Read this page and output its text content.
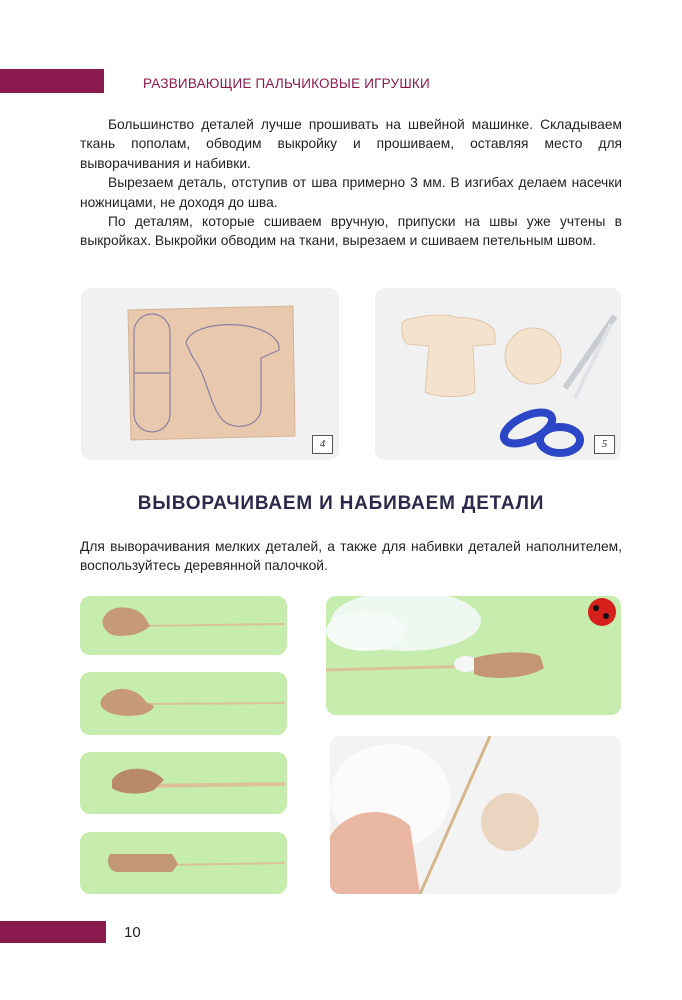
РАЗВИВАЮЩИЕ ПАЛЬЧИКОВЫЕ ИГРУШКИ

Большинство деталей лучше прошивать на швейной машинке. Складываем ткань пополам, обводим выкройку и прошиваем, оставляя место для выворачивания и набивки.

Вырезаем деталь, отступив от шва примерно 3 мм. В изгибах делаем насечки ножницами, не доходя до шва.

По деталям, которые сшиваем вручную, припуски на швы уже учтены в выкройках. Выкройки обводим на ткани, вырезаем и сшиваем петельным швом.

4	5
ВЫВОРАЧИВАЕМ И НАБИВАЕМ ДЕТАЛИ

Для выворачивания мелких деталей, а также для набивки деталей наполнителем, воспользуйтесь деревянной палочкой.

10
